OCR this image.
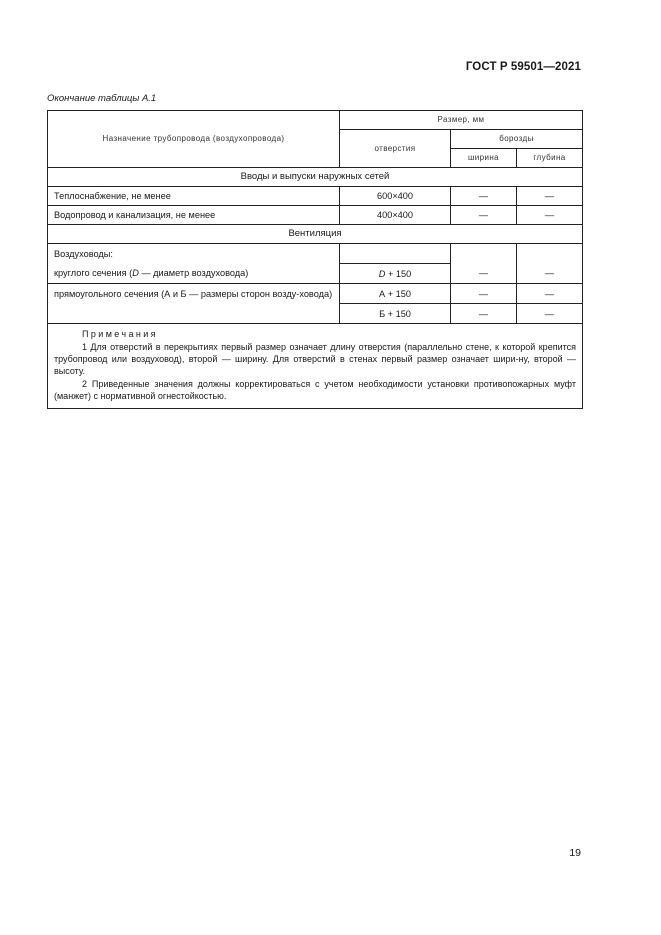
ГОСТ Р 59501—2021
Окончание таблицы А.1
Назначение трубопровода (воздухопровода)	Размер, мм		
	отверстия	борозды	
		ширина	глубина
Вводы и выпуски наружных сетей			
Теплоснабжение, не менее	600×400	—	—
Водопровод и канализация, не менее	400×400	—	—
Вентиляция			
Воздуховоды:			
круглого сечения (D — диаметр воздуховода)	D + 150	—	—
прямоугольного сечения (А и Б — размеры сторон возду-ховода)	А + 150	—	—
	Б + 150	—	—

Примечания

1 Для отверстий в перекрытиях первый размер означает длину отверстия (параллельно стене, к которой крепится трубопровод или воздуховод), второй — ширину. Для отверстий в стенах первый размер означает шири-ну, второй — высоту.

2 Приведенные значения должны корректироваться с учетом необходимости установки противопожарных муфт (манжет) с нормативной огнестойкостью.			

19
